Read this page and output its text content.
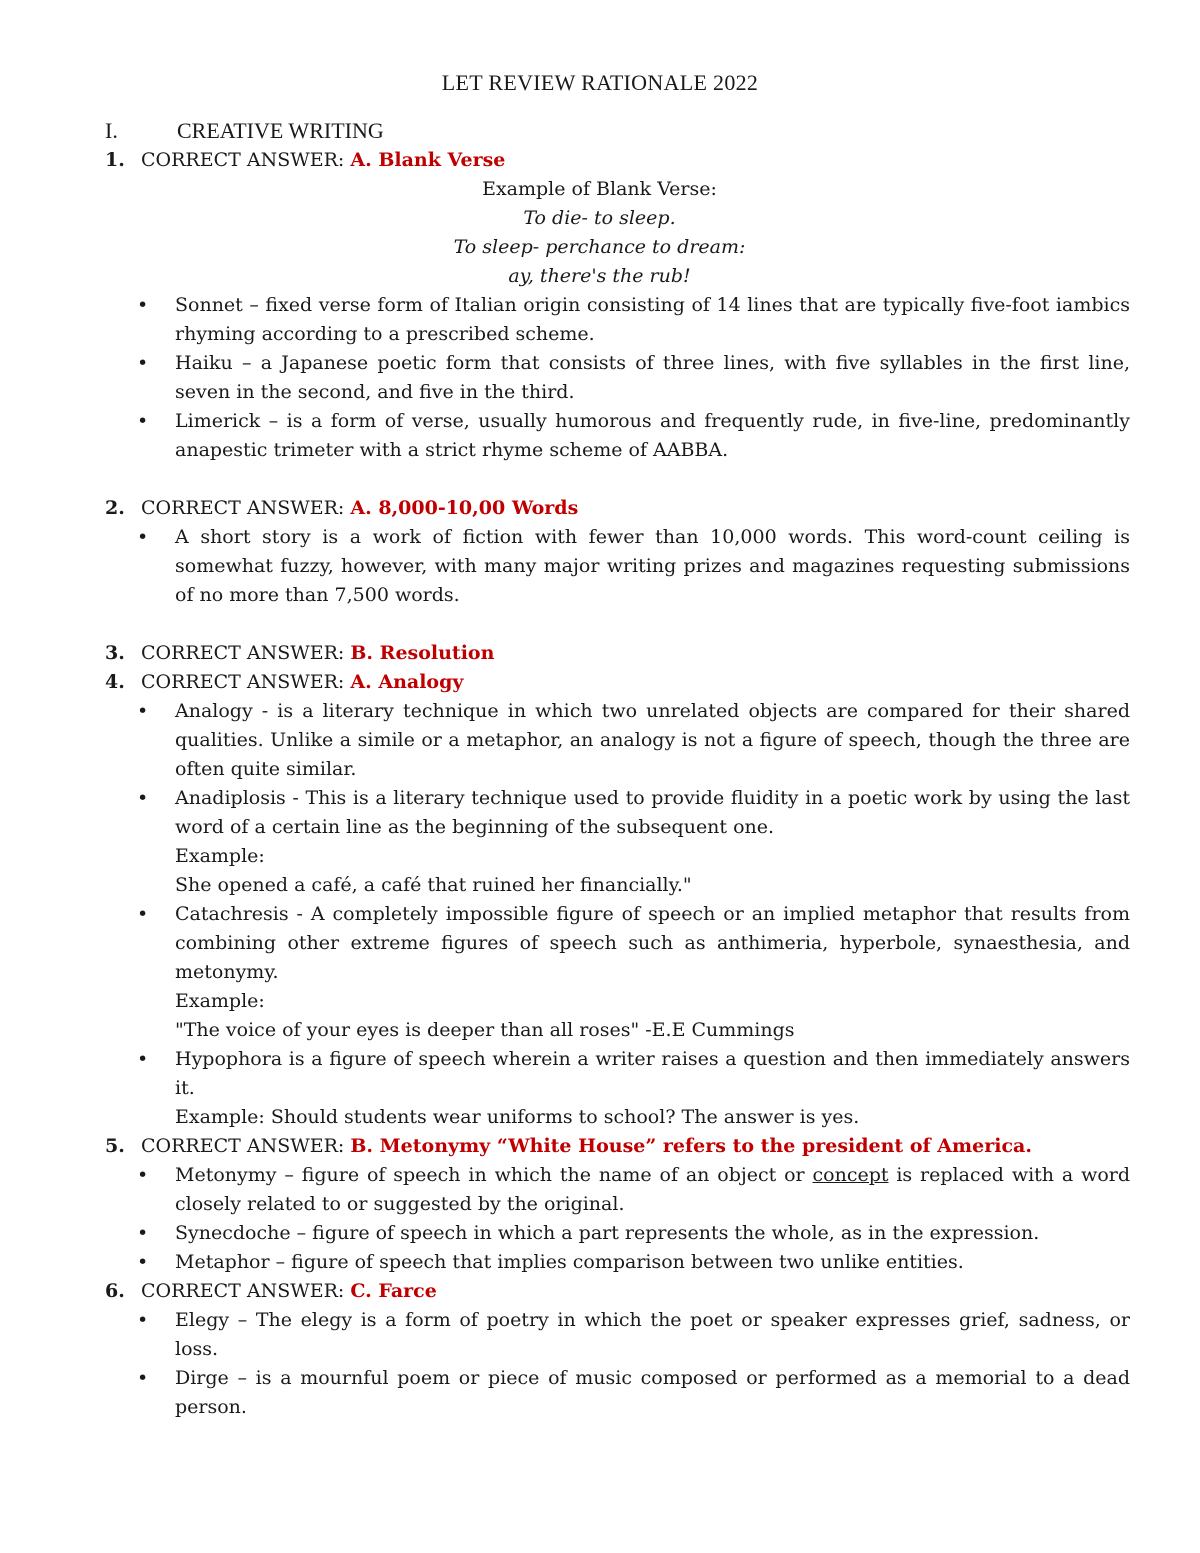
LET REVIEW RATIONALE 2022
I.	CREATIVE WRITING
1. CORRECT ANSWER: A. Blank Verse
Example of Blank Verse:
To die- to sleep.
To sleep- perchance to dream:
ay, there's the rub!
• Sonnet – fixed verse form of Italian origin consisting of 14 lines that are typically five-foot iambics rhyming according to a prescribed scheme.
• Haiku – a Japanese poetic form that consists of three lines, with five syllables in the first line, seven in the second, and five in the third.
• Limerick – is a form of verse, usually humorous and frequently rude, in five-line, predominantly anapestic trimeter with a strict rhyme scheme of AABBA.
2. CORRECT ANSWER: A. 8,000-10,00 Words
• A short story is a work of fiction with fewer than 10,000 words. This word-count ceiling is somewhat fuzzy, however, with many major writing prizes and magazines requesting submissions of no more than 7,500 words.
3. CORRECT ANSWER: B. Resolution
4. CORRECT ANSWER: A. Analogy
• Analogy - is a literary technique in which two unrelated objects are compared for their shared qualities. Unlike a simile or a metaphor, an analogy is not a figure of speech, though the three are often quite similar.
• Anadiplosis - This is a literary technique used to provide fluidity in a poetic work by using the last word of a certain line as the beginning of the subsequent one.
Example:
She opened a café, a café that ruined her financially."
• Catachresis - A completely impossible figure of speech or an implied metaphor that results from combining other extreme figures of speech such as anthimeria, hyperbole, synaesthesia, and metonymy.
Example:
"The voice of your eyes is deeper than all roses" -E.E Cummings
• Hypophora is a figure of speech wherein a writer raises a question and then immediately answers it.
Example: Should students wear uniforms to school? The answer is yes.
5. CORRECT ANSWER: B. Metonymy “White House” refers to the president of America.
• Metonymy – figure of speech in which the name of an object or concept is replaced with a word closely related to or suggested by the original.
• Synecdoche – figure of speech in which a part represents the whole, as in the expression.
• Metaphor – figure of speech that implies comparison between two unlike entities.
6. CORRECT ANSWER: C. Farce
• Elegy – The elegy is a form of poetry in which the poet or speaker expresses grief, sadness, or loss.
• Dirge – is a mournful poem or piece of music composed or performed as a memorial to a dead person.
